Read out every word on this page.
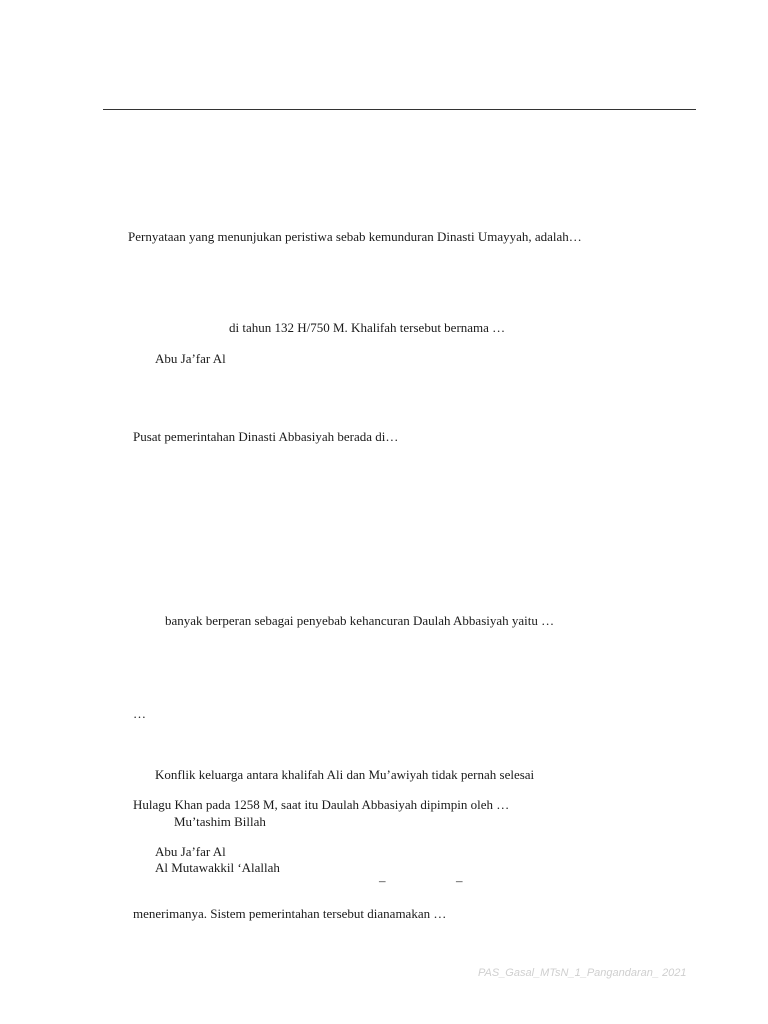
Pernyataan yang menunjukan peristiwa sebab kemunduran Dinasti Umayyah, adalah…
di tahun 132 H/750 M. Khalifah tersebut bernama …
Abu Ja’far Al
Pusat pemerintahan Dinasti Abbasiyah berada di…
banyak berperan sebagai penyebab kehancuran Daulah Abbasiyah yaitu …
…
Konflik keluarga antara khalifah Ali dan Mu’awiyah tidak pernah selesai
Hulagu Khan pada 1258 M, saat itu Daulah Abbasiyah dipimpin oleh …
Mu’tashim Billah
Abu Ja’far Al
Al Mutawakkil ‘Alallah
–	–
menerimanya. Sistem pemerintahan tersebut dianamakan …
PAS_Gasal_MTsN_1_Pangandaran_ 2021
